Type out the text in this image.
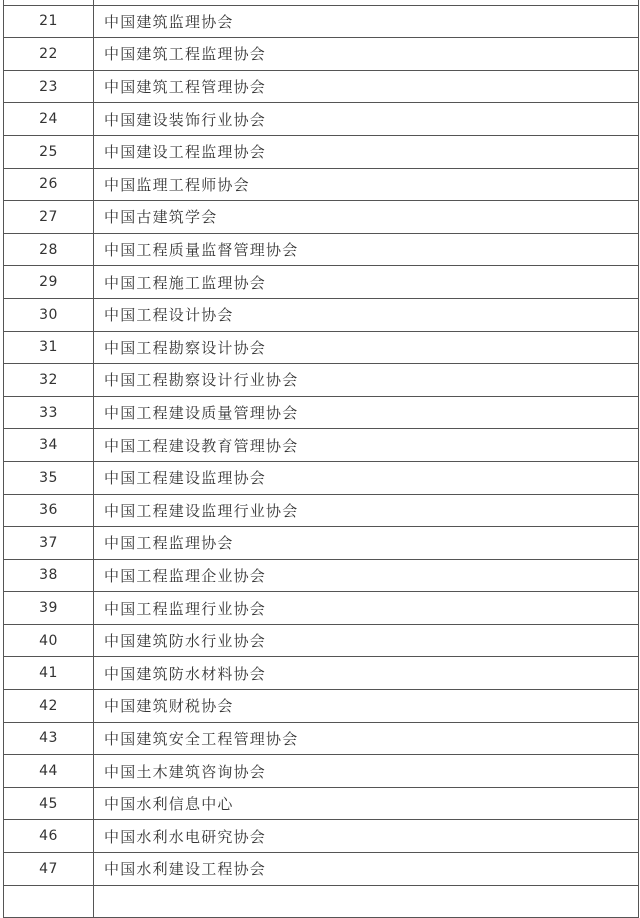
21	中国建筑监理协会
22	中国建筑工程监理协会
23	中国建筑工程管理协会
24	中国建设装饰行业协会
25	中国建设工程监理协会
26	中国监理工程师协会
27	中国古建筑学会
28	中国工程质量监督管理协会
29	中国工程施工监理协会
30	中国工程设计协会
31	中国工程勘察设计协会
32	中国工程勘察设计行业协会
33	中国工程建设质量管理协会
34	中国工程建设教育管理协会
35	中国工程建设监理协会
36	中国工程建设监理行业协会
37	中国工程监理协会
38	中国工程监理企业协会
39	中国工程监理行业协会
40	中国建筑防水行业协会
41	中国建筑防水材料协会
42	中国建筑财税协会
43	中国建筑安全工程管理协会
44	中国土木建筑咨询协会
45	中国水利信息中心
46	中国水利水电研究协会
47	中国水利建设工程协会
